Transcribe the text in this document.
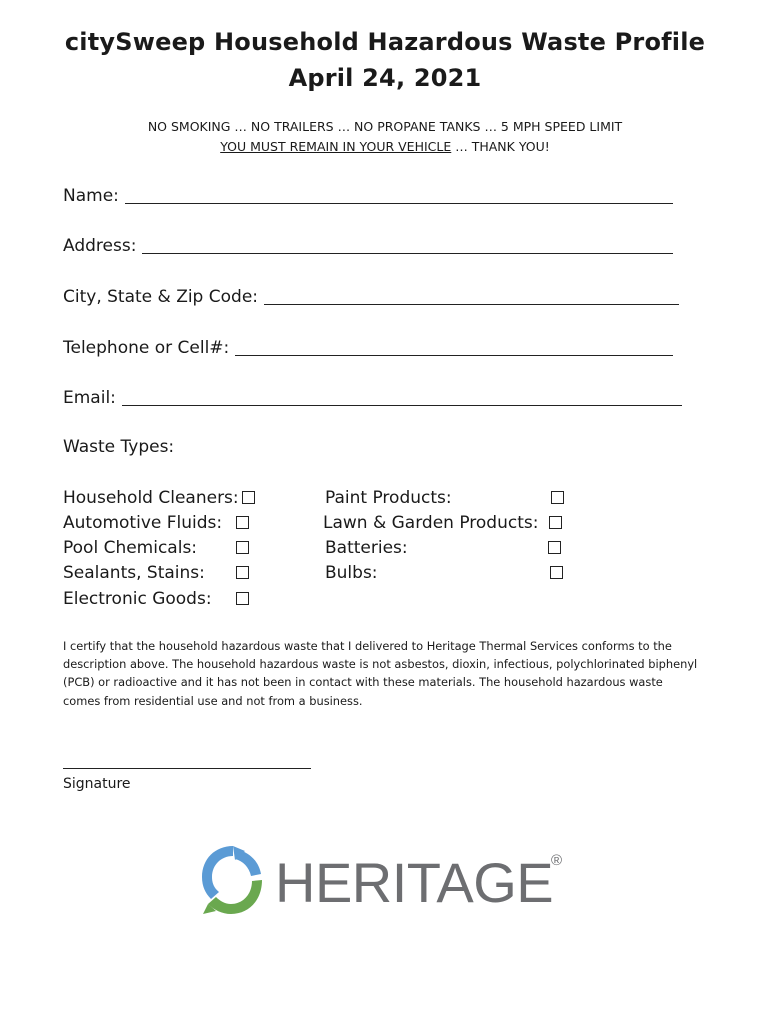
citySweep Household Hazardous Waste Profile
April 24, 2021
NO SMOKING … NO TRAILERS … NO PROPANE TANKS … 5 MPH SPEED LIMIT
YOU MUST REMAIN IN YOUR VEHICLE … THANK YOU!
Name:
Address:
City, State & Zip Code:
Telephone or Cell#:
Email:
Waste Types:
Household Cleaners:
Automotive Fluids:
Pool Chemicals:
Sealants, Stains:
Electronic Goods:
Paint Products:
Lawn & Garden Products:
Batteries:
Bulbs:
I certify that the household hazardous waste that I delivered to Heritage Thermal Services conforms to the description above. The household hazardous waste is not asbestos, dioxin, infectious, polychlorinated biphenyl (PCB) or radioactive and it has not been in contact with these materials. The household hazardous waste comes from residential use and not from a business.
Signature
HERITAGE
®
